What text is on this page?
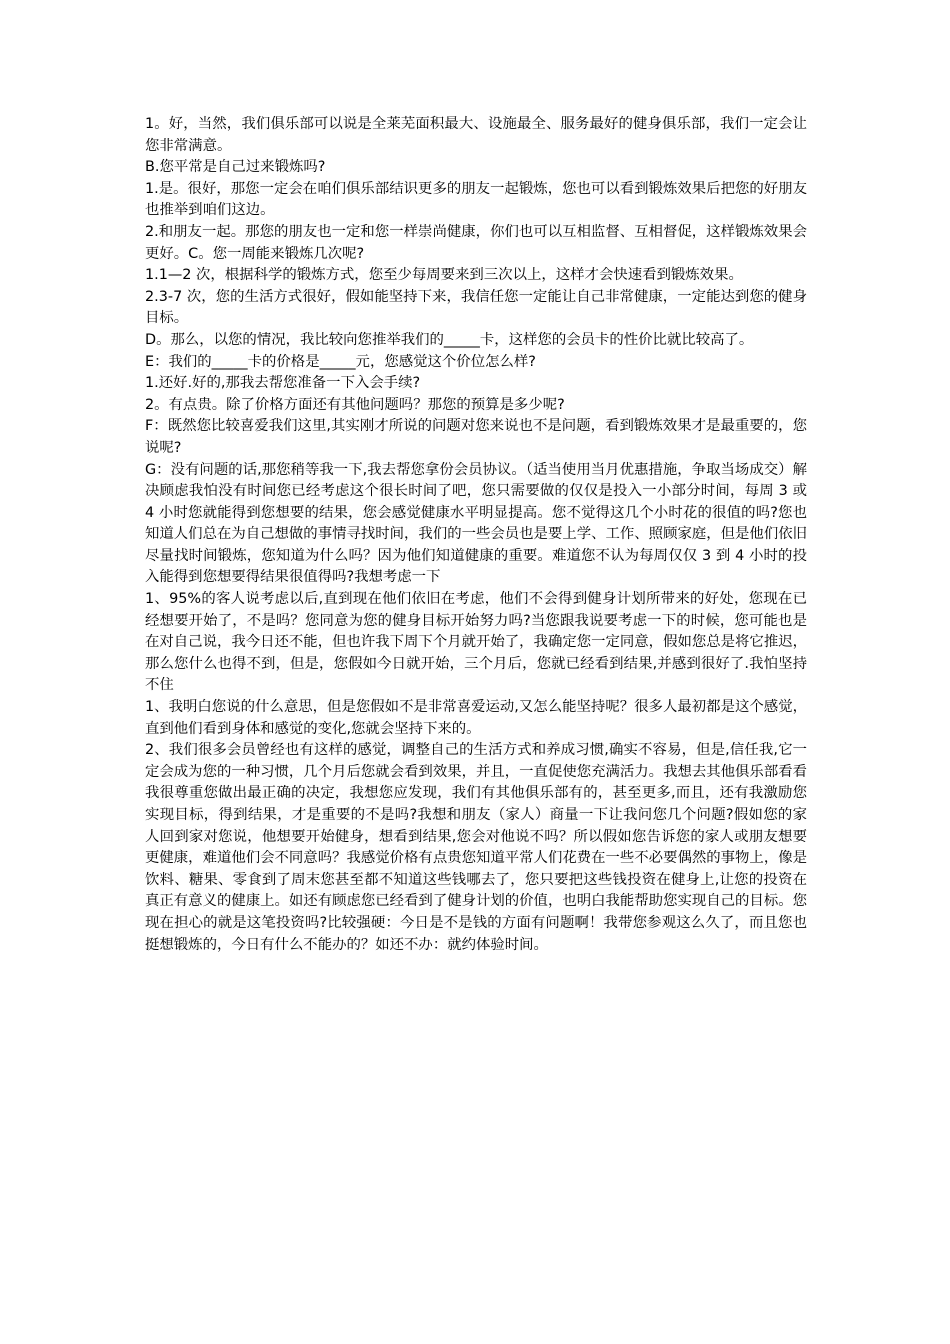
1。好，当然，我们俱乐部可以说是全莱芜面积最大、设施最全、服务最好的健身俱乐部，我们一定会让您非常满意。

B.您平常是自己过来锻炼吗?

1.是。很好，那您一定会在咱们俱乐部结识更多的朋友一起锻炼，您也可以看到锻炼效果后把您的好朋友也推举到咱们这边。

2.和朋友一起。那您的朋友也一定和您一样崇尚健康，你们也可以互相监督、互相督促，这样锻炼效果会更好。C。您一周能来锻炼几次呢?

1.1—2 次，根据科学的锻炼方式，您至少每周要来到三次以上，这样才会快速看到锻炼效果。

2.3-7 次，您的生活方式很好，假如能坚持下来，我信任您一定能让自己非常健康，一定能达到您的健身目标。

D。那么，以您的情况，我比较向您推举我们的_____卡，这样您的会员卡的性价比就比较高了。

E：我们的_____卡的价格是_____元，您感觉这个价位怎么样?

1.还好.好的,那我去帮您准备一下入会手续?

2。有点贵。除了价格方面还有其他问题吗？那您的预算是多少呢?

F：既然您比较喜爱我们这里,其实刚才所说的问题对您来说也不是问题，看到锻炼效果才是最重要的，您说呢?

G：没有问题的话,那您稍等我一下,我去帮您拿份会员协议。（适当使用当月优惠措施，争取当场成交）解决顾虑我怕没有时间您已经考虑这个很长时间了吧，您只需要做的仅仅是投入一小部分时间，每周 3 或 4 小时您就能得到您想要的结果，您会感觉健康水平明显提高。您不觉得这几个小时花的很值的吗?您也知道人们总在为自己想做的事情寻找时间，我们的一些会员也是要上学、工作、照顾家庭，但是他们依旧尽量找时间锻炼，您知道为什么吗？因为他们知道健康的重要。难道您不认为每周仅仅 3 到 4 小时的投入能得到您想要得结果很值得吗?我想考虑一下

1、95%的客人说考虑以后,直到现在他们依旧在考虑，他们不会得到健身计划所带来的好处，您现在已经想要开始了，不是吗？您同意为您的健身目标开始努力吗?当您跟我说要考虑一下的时候，您可能也是在对自己说，我今日还不能，但也许我下周下个月就开始了，我确定您一定同意，假如您总是将它推迟，那么您什么也得不到，但是，您假如今日就开始，三个月后，您就已经看到结果,并感到很好了.我怕坚持不住

1、我明白您说的什么意思，但是您假如不是非常喜爱运动,又怎么能坚持呢？很多人最初都是这个感觉，直到他们看到身体和感觉的变化,您就会坚持下来的。

2、我们很多会员曾经也有这样的感觉，调整自己的生活方式和养成习惯,确实不容易，但是,信任我,它一定会成为您的一种习惯，几个月后您就会看到效果，并且，一直促使您充满活力。我想去其他俱乐部看看我很尊重您做出最正确的决定，我想您应发现，我们有其他俱乐部有的，甚至更多,而且，还有我激励您实现目标，得到结果，才是重要的不是吗?我想和朋友（家人）商量一下让我问您几个问题?假如您的家人回到家对您说，他想要开始健身，想看到结果,您会对他说不吗？所以假如您告诉您的家人或朋友想要更健康，难道他们会不同意吗？我感觉价格有点贵您知道平常人们花费在一些不必要偶然的事物上，像是饮料、糖果、零食到了周末您甚至都不知道这些钱哪去了，您只要把这些钱投资在健身上,让您的投资在真正有意义的健康上。如还有顾虑您已经看到了健身计划的价值，也明白我能帮助您实现自己的目标。您现在担心的就是这笔投资吗?比较强硬：今日是不是钱的方面有问题啊！我带您参观这么久了，而且您也挺想锻炼的，今日有什么不能办的？如还不办：就约体验时间。
